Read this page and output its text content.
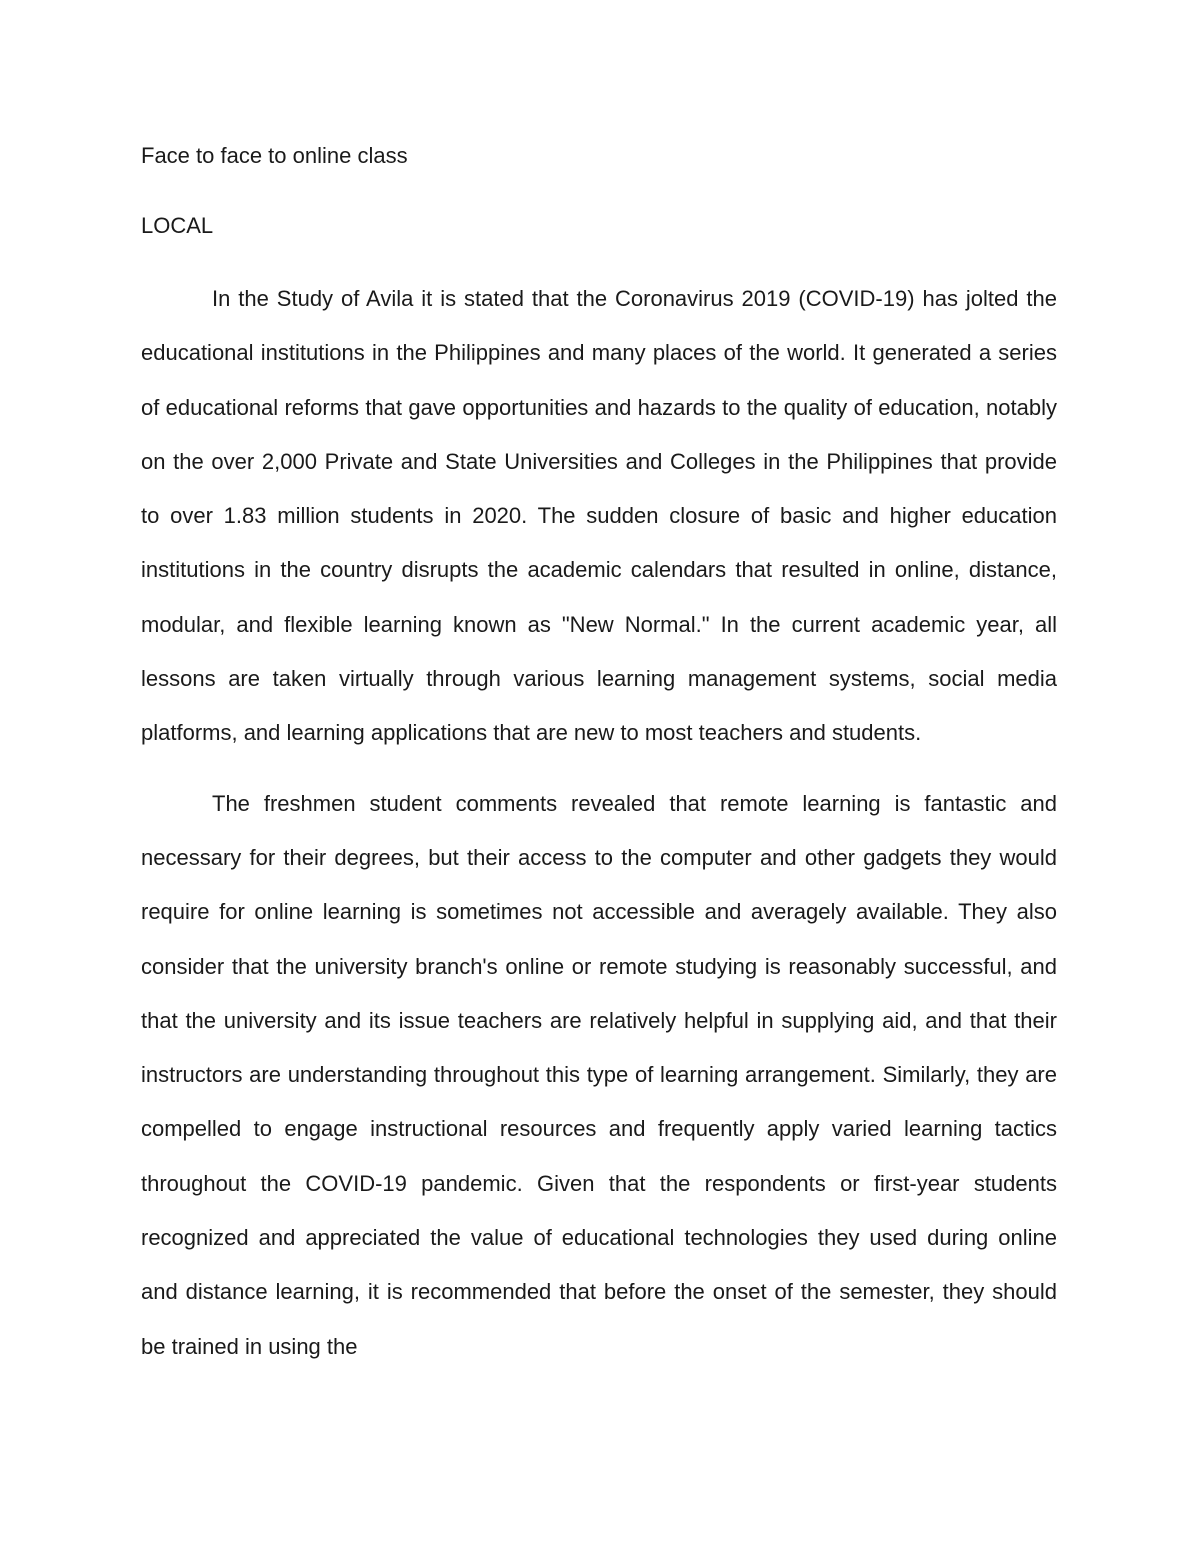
Face to face to online class
LOCAL

In the Study of Avila it is stated that the Coronavirus 2019 (COVID-19) has jolted the educational institutions in the Philippines and many places of the world. It generated a series of educational reforms that gave opportunities and hazards to the quality of education, notably on the over 2,000 Private and State Universities and Colleges in the Philippines that provide to over 1.83 million students in 2020. The sudden closure of basic and higher education institutions in the country disrupts the academic calendars that resulted in online, distance, modular, and flexible learning known as "New Normal." In the current academic year, all lessons are taken virtually through various learning management systems, social media platforms, and learning applications that are new to most teachers and students.

The freshmen student comments revealed that remote learning is fantastic and necessary for their degrees, but their access to the computer and other gadgets they would require for online learning is sometimes not accessible and averagely available. They also consider that the university branch's online or remote studying is reasonably successful, and that the university and its issue teachers are relatively helpful in supplying aid, and that their instructors are understanding throughout this type of learning arrangement. Similarly, they are compelled to engage instructional resources and frequently apply varied learning tactics throughout the COVID-19 pandemic. Given that the respondents or first-year students recognized and appreciated the value of educational technologies they used during online and distance learning, it is recommended that before the onset of the semester, they should be trained in using the
